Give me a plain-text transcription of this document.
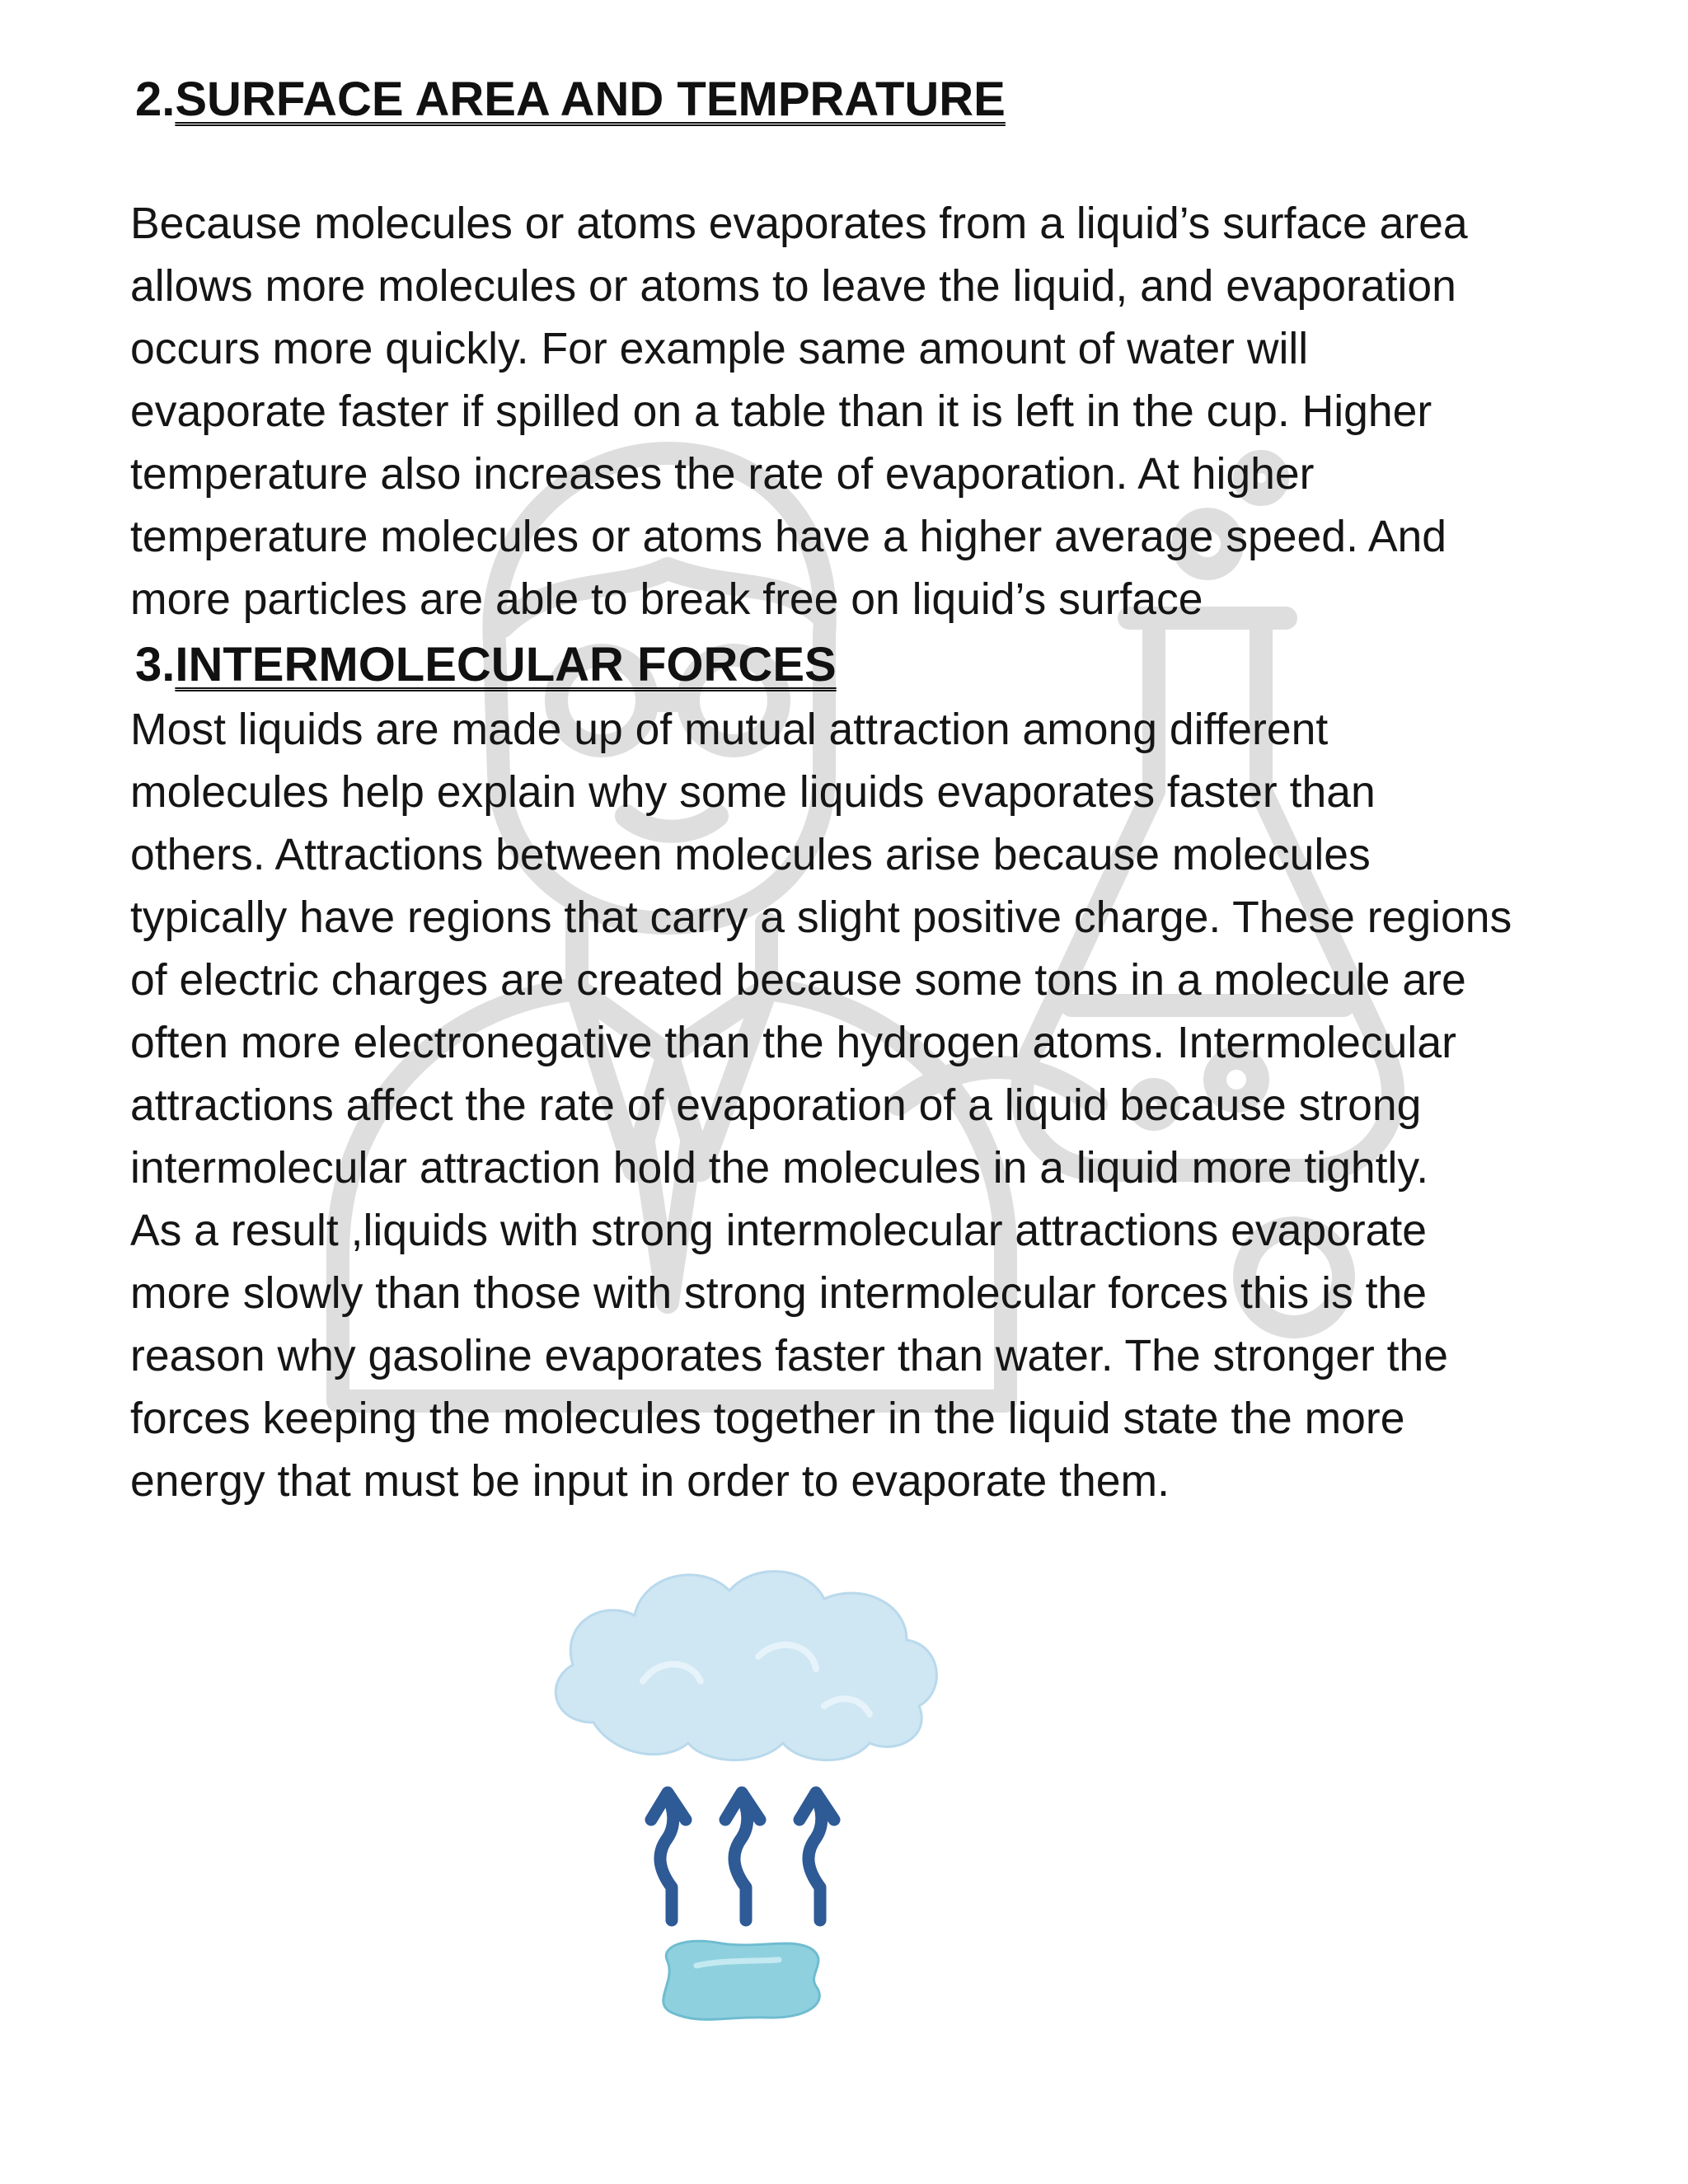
2.SURFACE AREA AND TEMPRATURE

Because molecules or atoms evaporates from a liquid’s surface area
allows more molecules or atoms to leave the liquid, and evaporation
occurs more quickly. For example same amount of water will
evaporate faster if spilled on a table than it is left in the cup. Higher
temperature also increases the rate of evaporation. At higher
temperature molecules or atoms have a higher average speed. And
more particles are able to break free on liquid’s surface

3.INTERMOLECULAR FORCES

Most liquids are made up of mutual attraction among different
molecules help explain why some liquids evaporates faster than
others. Attractions between molecules arise because molecules
typically have regions that carry a slight positive charge. These regions
of electric charges are created because some tons in a molecule are
often more electronegative than the hydrogen atoms. Intermolecular
attractions affect the rate of evaporation of a liquid because strong
intermolecular attraction hold the molecules in a liquid more tightly.
As a result ,liquids with strong intermolecular attractions evaporate
more slowly than those with strong intermolecular forces this is the
reason why gasoline evaporates faster than water. The stronger the
forces keeping the molecules together in the liquid state the more
energy that must be input in order to evaporate them.
